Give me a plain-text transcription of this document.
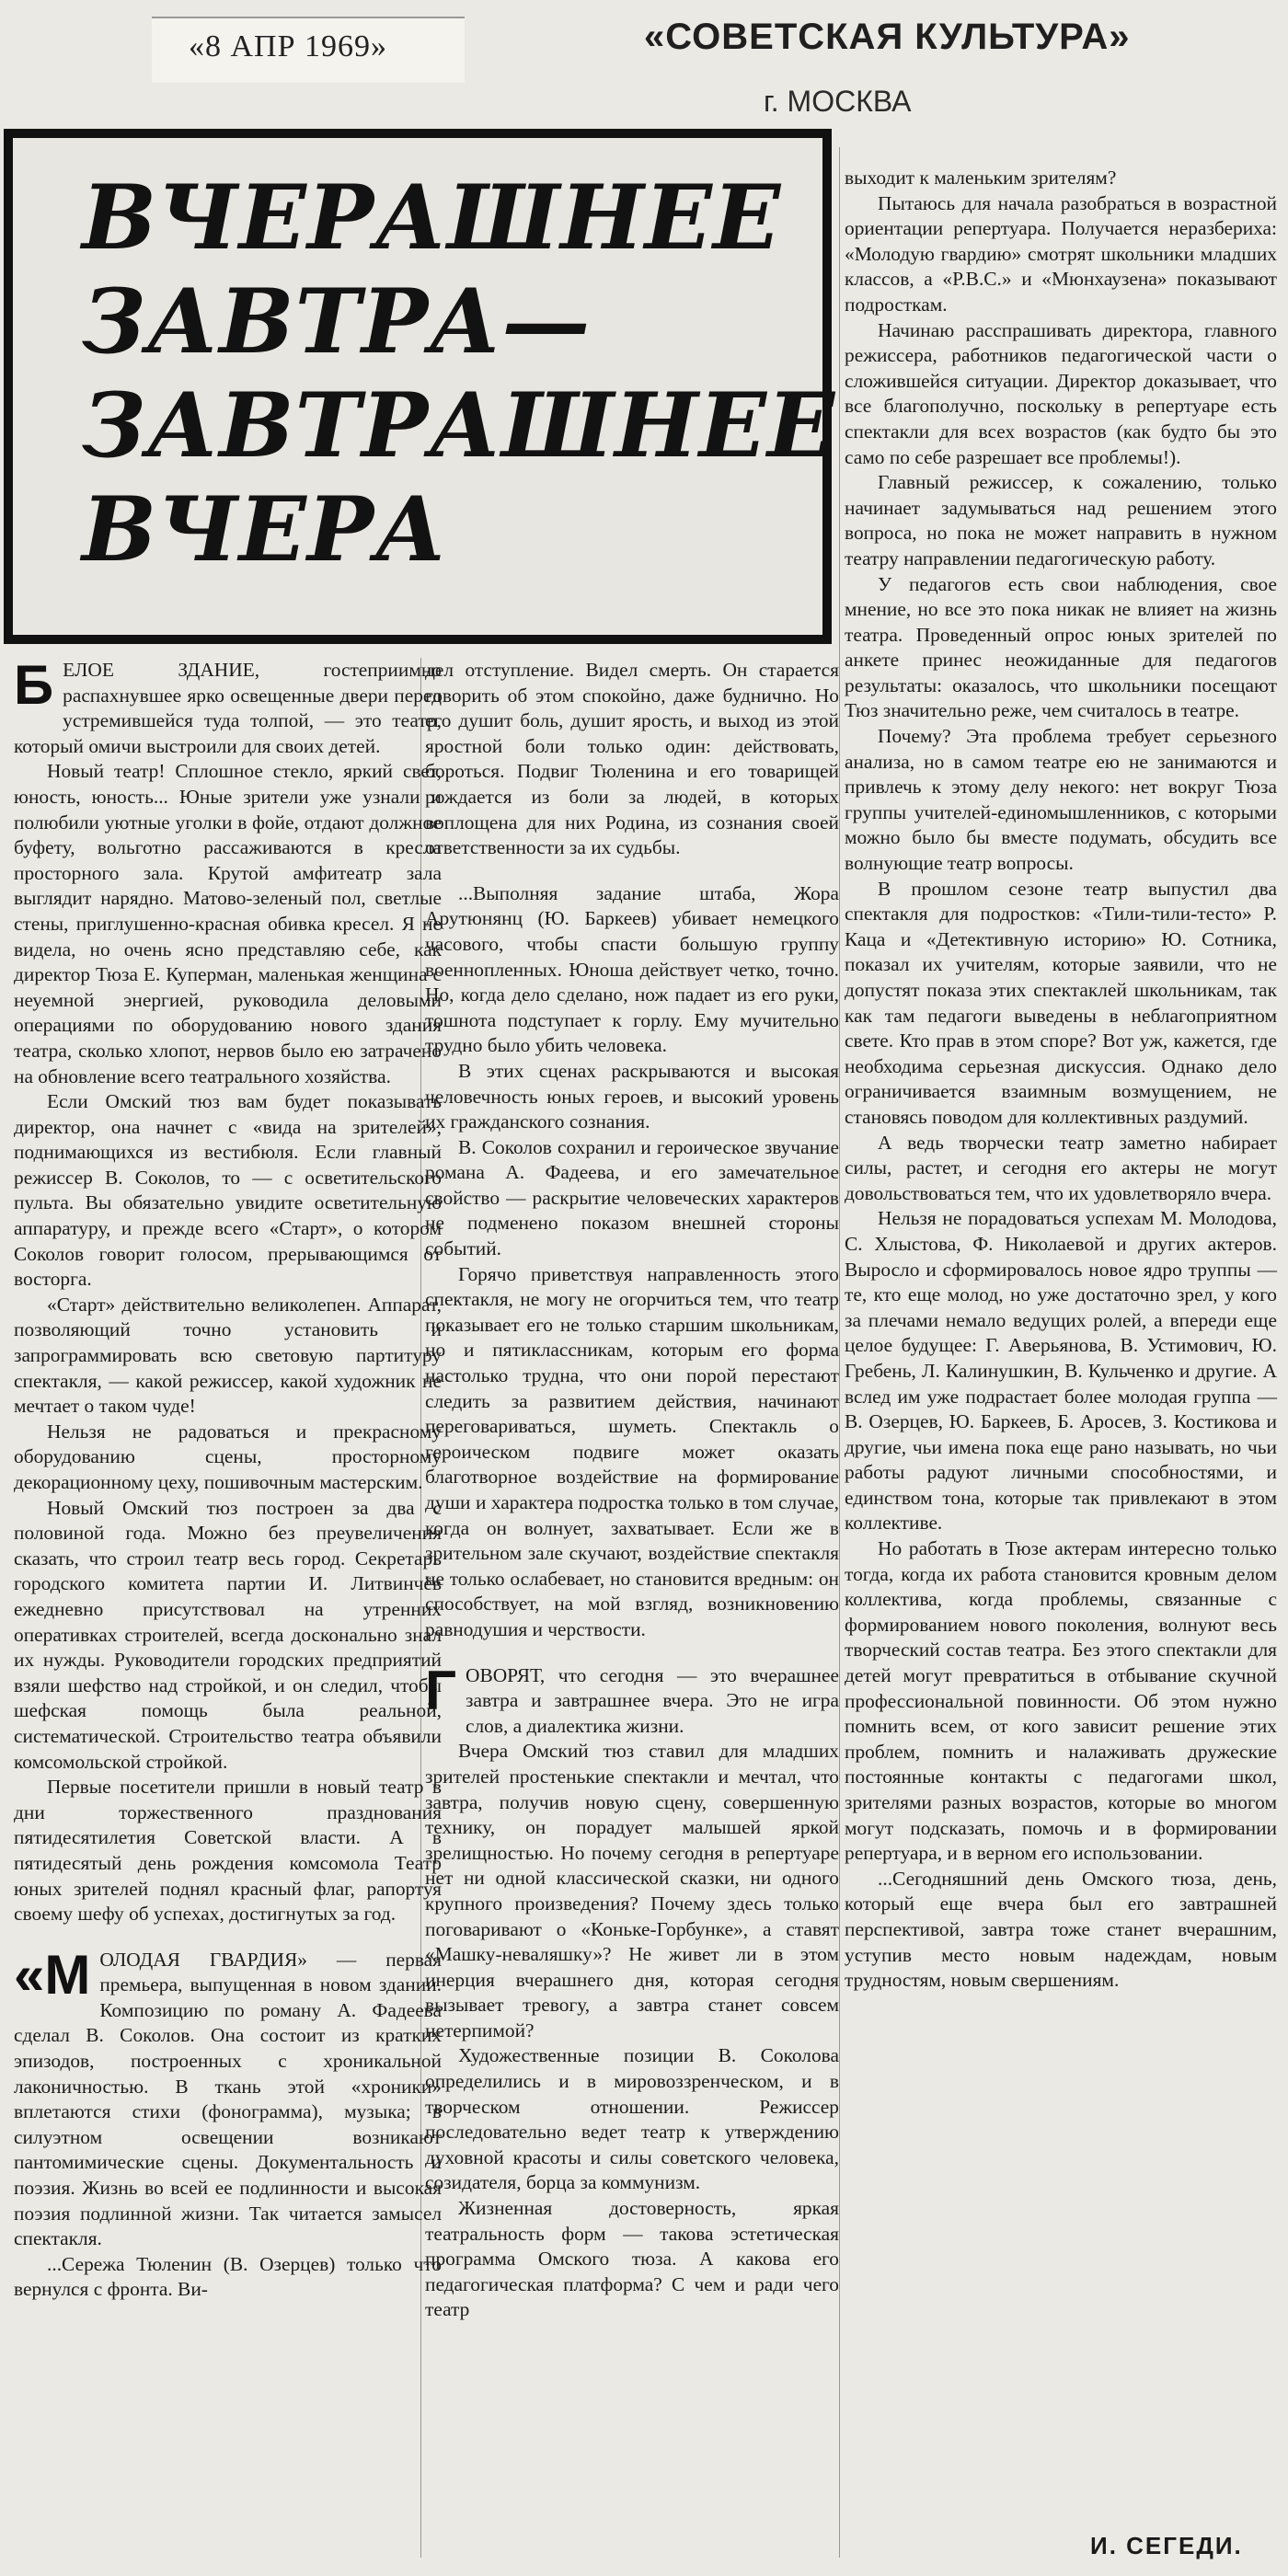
«8 АПР 1969»	«СОВЕТСКАЯ КУЛЬТУРА»
г. МОСКВА
ВЧЕРАШНЕЕ
ЗАВТРА—
ЗАВТРАШНЕЕ
ВЧЕРА

БЕЛОЕ ЗДАНИЕ, гостеприимно распахнувшее ярко освещенные двери перед устремившейся туда толпой, — это театр, который омичи выстроили для своих детей.

Новый театр! Сплошное стекло, яркий свет, юность, юность... Юные зрители уже узнали и полюбили уютные уголки в фойе, отдают должное буфету, вольготно рассаживаются в кресла просторного зала. Крутой амфитеатр зала выглядит нарядно. Матово-зеленый пол, светлые стены, приглушенно-красная обивка кресел. Я не видела, но очень ясно представляю себе, как директор Тюза Е. Куперман, маленькая женщина с неуемной энергией, руководила деловыми операциями по оборудованию нового здания театра, сколько хлопот, нервов было ею затрачено на обновление всего театрального хозяйства.

Если Омский тюз вам будет показывать директор, она начнет с «вида на зрителей», поднимающихся из вестибюля. Если главный режиссер В. Соколов, то — с осветительского пульта. Вы обязательно увидите осветительную аппаратуру, и прежде всего «Старт», о котором Соколов говорит голосом, прерывающимся от восторга.

«Старт» действительно великолепен. Аппарат, позволяющий точно установить и запрограммировать всю световую партитуру спектакля, — какой режиссер, какой художник не мечтает о таком чуде!

Нельзя не радоваться и прекрасному оборудованию сцены, просторному декорационному цеху, пошивочным мастерским.

Новый Омский тюз построен за два с половиной года. Можно без преувеличения сказать, что строил театр весь город. Секретарь городского комитета партии И. Литвинчёв ежедневно присутствовал на утренних оперативках строителей, всегда досконально знал их нужды. Руководители городских предприятий взяли шефство над стройкой, и он следил, чтобы шефская помощь была реальной, систематической. Строительство театра объявили комсомольской стройкой.

Первые посетители пришли в новый театр в дни торжественного празднования пятидесятилетия Советской власти. А в пятидесятый день рождения комсомола Театр юных зрителей поднял красный флаг, рапортуя своему шефу об успехах, достигнутых за год.

«МОЛОДАЯ ГВАРДИЯ» — первая премьера, выпущенная в новом здании. Композицию по роману А. Фадеева сделал В. Соколов. Она состоит из кратких эпизодов, построенных с хроникальной лаконичностью. В ткань этой «хроники» вплетаются стихи (фонограмма), музыка; в силуэтном освещении возникают пантомимические сцены. Документальность и поэзия. Жизнь во всей ее подлинности и высокая поэзия подлинной жизни. Так читается замысел спектакля.

...Сережа Тюленин (В. Озерцев) только что вернулся с фронта. Ви-

дел отступление. Видел смерть. Он старается говорить об этом спокойно, даже буднично. Но его душит боль, душит ярость, и выход из этой яростной боли только один: действовать, бороться. Подвиг Тюленина и его товарищей рождается из боли за людей, в которых воплощена для них Родина, из сознания своей ответственности за их судьбы.

...Выполняя задание штаба, Жора Арутюнянц (Ю. Баркеев) убивает немецкого часового, чтобы спасти большую группу военнопленных. Юноша действует четко, точно. Но, когда дело сделано, нож падает из его руки, тошнота подступает к горлу. Ему мучительно трудно было убить человека.

В этих сценах раскрываются и высокая человечность юных героев, и высокий уровень их гражданского сознания.

В. Соколов сохранил и героическое звучание романа А. Фадеева, и его замечательное свойство — раскрытие человеческих характеров не подменено показом внешней стороны событий.

Горячо приветствуя направленность этого спектакля, не могу не огорчиться тем, что театр показывает его не только старшим школьникам, но и пятиклассникам, которым его форма настолько трудна, что они порой перестают следить за развитием действия, начинают переговариваться, шуметь. Спектакль о героическом подвиге может оказать благотворное воздействие на формирование души и характера подростка только в том случае, когда он волнует, захватывает. Если же в зрительном зале скучают, воздействие спектакля не только ослабевает, но становится вредным: он способствует, на мой взгляд, возникновению равнодушия и черствости.

ГОВОРЯТ, что сегодня — это вчерашнее завтра и завтрашнее вчера. Это не игра слов, а диалектика жизни.

Вчера Омский тюз ставил для младших зрителей простенькие спектакли и мечтал, что завтра, получив новую сцену, совершенную технику, он порадует малышей яркой зрелищностью. Но почему сегодня в репертуаре нет ни одной классической сказки, ни одного крупного произведения? Почему здесь только поговаривают о «Коньке-Горбунке», а ставят «Машку-неваляшку»? Не живет ли в этом инерция вчерашнего дня, которая сегодня вызывает тревогу, а завтра станет совсем нетерпимой?

Художественные позиции В. Соколова определились и в мировоззренческом, и в творческом отношении. Режиссер последовательно ведет театр к утверждению духовной красоты и силы советского человека, созидателя, борца за коммунизм.

Жизненная достоверность, яркая театральность форм — такова эстетическая программа Омского тюза. А какова его педагогическая платформа? С чем и ради чего театр

выходит к маленьким зрителям?

Пытаюсь для начала разобраться в возрастной ориентации репертуара. Получается неразбериха: «Молодую гвардию» смотрят школьники младших классов, а «Р.В.С.» и «Мюнхаузена» показывают подросткам.

Начинаю расспрашивать директора, главного режиссера, работников педагогической части о сложившейся ситуации. Директор доказывает, что все благополучно, поскольку в репертуаре есть спектакли для всех возрастов (как будто бы это само по себе разрешает все проблемы!).

Главный режиссер, к сожалению, только начинает задумываться над решением этого вопроса, но пока не может направить в нужном театру направлении педагогическую работу.

У педагогов есть свои наблюдения, свое мнение, но все это пока никак не влияет на жизнь театра. Проведенный опрос юных зрителей по анкете принес неожиданные для педагогов результаты: оказалось, что школьники посещают Тюз значительно реже, чем считалось в театре.

Почему? Эта проблема требует серьезного анализа, но в самом театре ею не занимаются и привлечь к этому делу некого: нет вокруг Тюза группы учителей-единомышленников, с которыми можно было бы вместе подумать, обсудить все волнующие театр вопросы.

В прошлом сезоне театр выпустил два спектакля для подростков: «Тили-тили-тесто» Р. Каца и «Детективную историю» Ю. Сотника, показал их учителям, которые заявили, что не допустят показа этих спектаклей школьникам, так как там педагоги выведены в неблагоприятном свете. Кто прав в этом споре? Вот уж, кажется, где необходима серьезная дискуссия. Однако дело ограничивается взаимным возмущением, не становясь поводом для коллективных раздумий.

А ведь творчески театр заметно набирает силы, растет, и сегодня его актеры не могут довольствоваться тем, что их удовлетворяло вчера.

Нельзя не порадоваться успехам М. Молодова, С. Хлыстова, Ф. Николаевой и других актеров. Выросло и сформировалось новое ядро труппы — те, кто еще молод, но уже достаточно зрел, у кого за плечами немало ведущих ролей, а впереди еще целое будущее: Г. Аверьянова, В. Устимович, Ю. Гребень, Л. Калинушкин, В. Кульченко и другие. А вслед им уже подрастает более молодая группа — В. Озерцев, Ю. Баркеев, Б. Аросев, З. Костикова и другие, чьи имена пока еще рано называть, но чьи работы радуют личными способностями, и единством тона, которые так привлекают в этом коллективе.

Но работать в Тюзе актерам интересно только тогда, когда их работа становится кровным делом коллектива, когда проблемы, связанные с формированием нового поколения, волнуют весь творческий состав театра. Без этого спектакли для детей могут превратиться в отбывание скучной профессиональной повинности. Об этом нужно помнить всем, от кого зависит решение этих проблем, помнить и налаживать дружеские постоянные контакты с педагогами школ, зрителями разных возрастов, которые во многом могут подсказать, помочь и в формировании репертуара, и в верном его использовании.

...Сегодняшний день Омского тюза, день, который еще вчера был его завтрашней перспективой, завтра тоже станет вчерашним, уступив место новым надеждам, новым трудностям, новым свершениям.

И. СЕГЕДИ.
